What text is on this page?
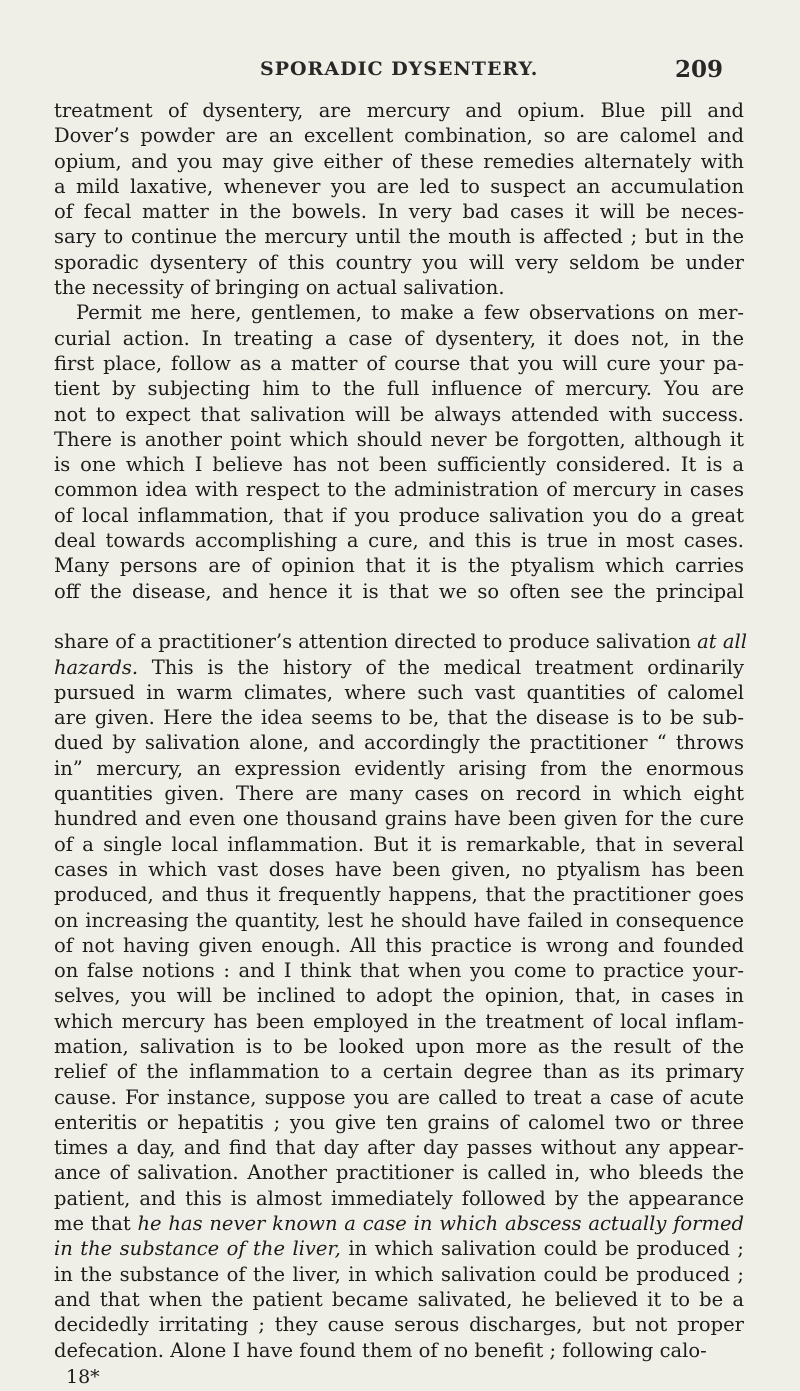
SPORADIC DYSENTERY.	209
treatment of dysentery, are mercury and opium. Blue pill and
Dover’s powder are an excellent combination, so are calomel and
opium, and you may give either of these remedies alternately with
a mild laxative, whenever you are led to suspect an accumulation
of fecal matter in the bowels. In very bad cases it will be neces-
sary to continue the mercury until the mouth is affected ; but in the
sporadic dysentery of this country you will very seldom be under
the necessity of bringing on actual salivation.
Permit me here, gentlemen, to make a few observations on mer-
curial action. In treating a case of dysentery, it does not, in the
first place, follow as a matter of course that you will cure your pa-
tient by subjecting him to the full influence of mercury. You are
not to expect that salivation will be always attended with success.
There is another point which should never be forgotten, although it
is one which I believe has not been sufficiently considered. It is a
common idea with respect to the administration of mercury in cases
of local inflammation, that if you produce salivation you do a great
deal towards accomplishing a cure, and this is true in most cases.
Many persons are of opinion that it is the ptyalism which carries
off the disease, and hence it is that we so often see the principal
share of a practitioner’s attention directed to produce salivation at all
hazards. This is the history of the medical treatment ordinarily
pursued in warm climates, where such vast quantities of calomel
are given. Here the idea seems to be, that the disease is to be sub-
dued by salivation alone, and accordingly the practitioner “ throws
in” mercury, an expression evidently arising from the enormous
quantities given. There are many cases on record in which eight
hundred and even one thousand grains have been given for the cure
of a single local inflammation. But it is remarkable, that in several
cases in which vast doses have been given, no ptyalism has been
produced, and thus it frequently happens, that the practitioner goes
on increasing the quantity, lest he should have failed in consequence
of not having given enough. All this practice is wrong and founded
on false notions : and I think that when you come to practice your-
selves, you will be inclined to adopt the opinion, that, in cases in
which mercury has been employed in the treatment of local inflam-
mation, salivation is to be looked upon more as the result of the
relief of the inflammation to a certain degree than as its primary
cause. For instance, suppose you are called to treat a case of acute
enteritis or hepatitis ; you give ten grains of calomel two or three
times a day, and find that day after day passes without any appear-
ance of salivation. Another practitioner is called in, who bleeds the
patient, and this is almost immediately followed by the appearance
me that he has never known a case in which abscess actually formed
in the substance of the liver, in which salivation could be produced ;
in the substance of the liver, in which salivation could be produced ;
and that when the patient became salivated, he believed it to be a
decidedly irritating ; they cause serous discharges, but not proper
defecation. Alone I have found them of no benefit ; following calo-
18*
